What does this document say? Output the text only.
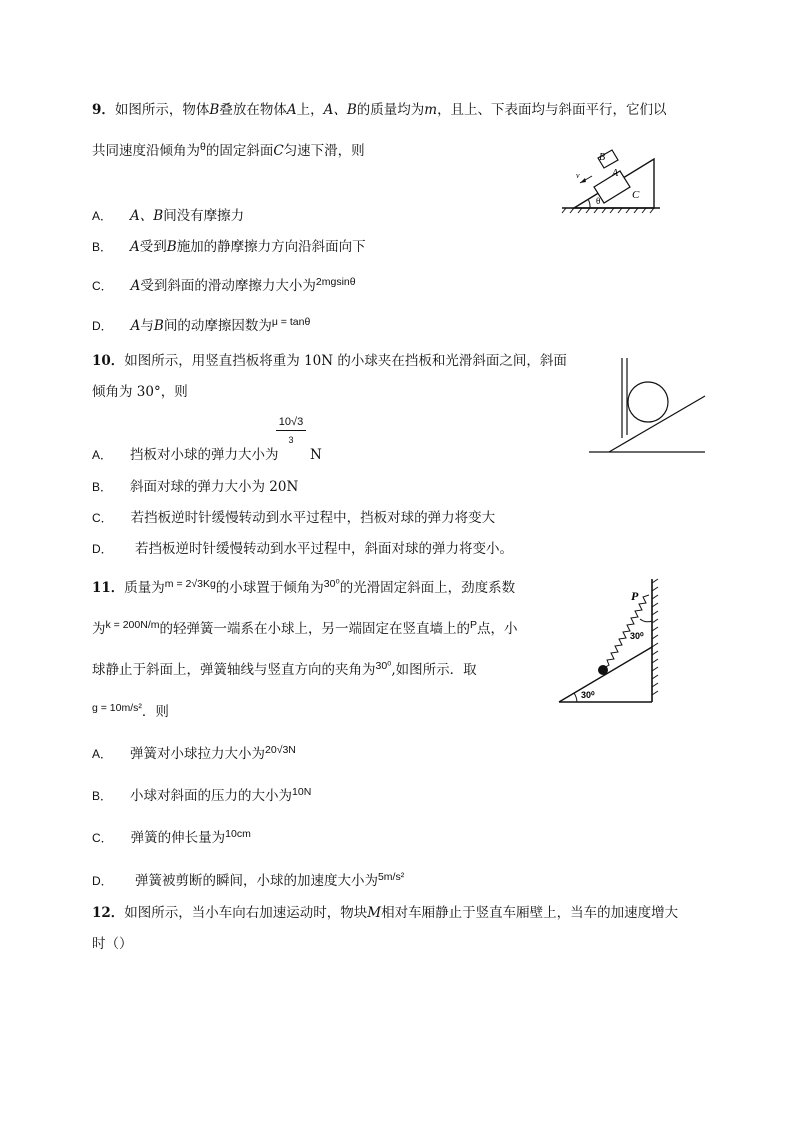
9．如图所示，物体B叠放在物体A上，A、B的质量均为m，且上、下表面均与斜面平行，它们以
共同速度沿倾角为$^\theta$的固定斜面C匀速下滑，则	B
A
C
v
θ
A． A、B间没有摩擦力
B． A受到B施加的静摩擦力方向沿斜面向下
C． A受到斜面的滑动摩擦力大小为$^{2mgsin\theta}$
D． A与B间的动摩擦因数为$^{\mu = tan\theta}$
10．如图所示，用竖直挡板将重为 10N 的小球夹在挡板和光滑斜面之间，斜面
倾角为 30°，则
A． 挡板对小球的弹力大小为
10√3
3
N
B． 斜面对球的弹力大小为 20N
C． 若挡板逆时针缓慢转动到水平过程中，挡板对球的弹力将变大
D． 若挡板逆时针缓慢转动到水平过程中，斜面对球的弹力将变小。
11．质量为$^{m = 2√3Kg}$的小球置于倾角为$^{30^0}$的光滑固定斜面上，劲度系数
为$^{k = 200N/m}$的轻弹簧一端系在小球上，另一端固定在竖直墙上的$^P$点，小
球静止于斜面上，弹簧轴线与竖直方向的夹角为$^{30^0}$,如图所示．取
$^{g = 10m/s^2}$．则
P
30⁰
30⁰
A． 弹簧对小球拉力大小为$^{20√3N}$
B． 小球对斜面的压力的大小为$^{10N}$
C． 弹簧的伸长量为$^{10cm}$
D． 弹簧被剪断的瞬间，小球的加速度大小为$^{5m/s^2}$
12．如图所示，当小车向右加速运动时，物块M相对车厢静止于竖直车厢壁上，当车的加速度增大
时（）
